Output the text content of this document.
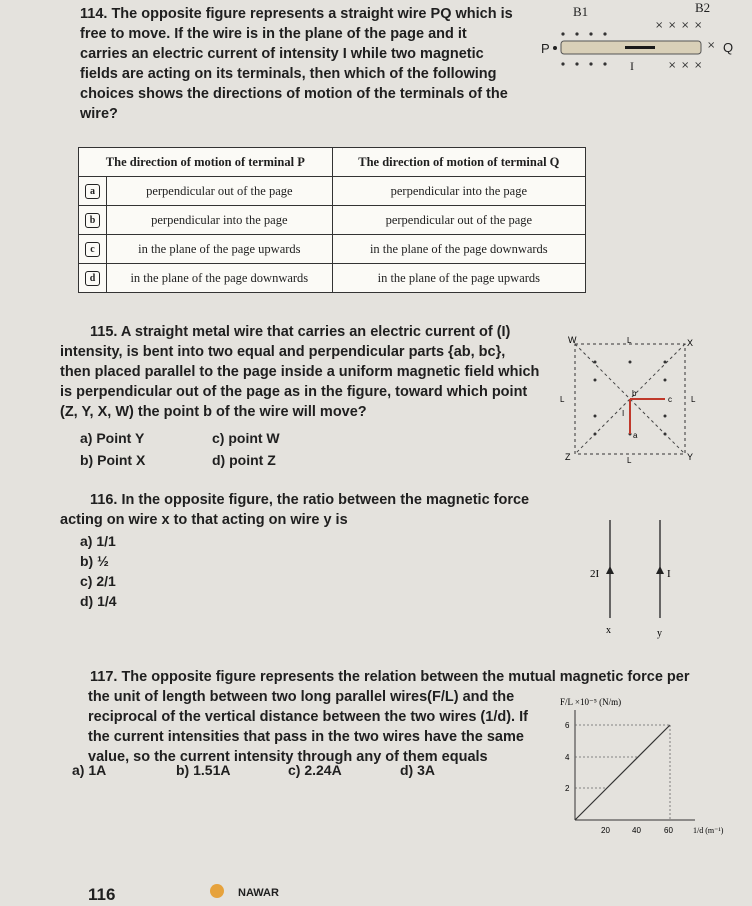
114. The opposite figure represents a straight wire PQ which is
free to move. If the wire is in the plane of the page and it
carries an electric current of intensity I while two magnetic
fields are acting on its terminals, then which of the following
choices shows the directions of motion of the terminals of the
wire?
B1	B2
× × × ×
× × ×
×
P	Q
I
The direction of motion of terminal P		The direction of motion of terminal Q
a	perpendicular out of the page	perpendicular into the page
b	perpendicular into the page	perpendicular out of the page
c	in the plane of the page upwards	in the plane of the page downwards
d	in the plane of the page downwards	in the plane of the page upwards
115. A straight metal wire that carries an electric current of (I)
intensity, is bent into two equal and perpendicular parts {ab, bc},
then placed parallel to the page inside a uniform magnetic field which
is perpendicular out of the page as in the figure, toward which point
(Z, Y, X, W) the point b of the wire will move?
a) Point Y
b) Point X
c) point W
d) point Z
W	X
Y
Z
L
L	L
L
b
c
a
I
116. In the opposite figure, the ratio between the magnetic force
acting on wire x to that acting on wire y is
a) 1/1
b) ½
c) 2/1
d) 1/4
2I	I
x	y
117. The opposite figure represents the relation between the mutual magnetic force per
the unit of length between two long parallel wires(F/L) and the
reciprocal of the vertical distance between the two wires (1/d). If
the current intensities that pass in the two wires have the same
value, so the current intensity through any of them equals
a) 1A	b) 1.51A	c) 2.24A	d) 3A
F/L ×10⁻⁵ (N/m)
6
4
2
20	40	60	1/d (m⁻¹)
116	NAWAR
